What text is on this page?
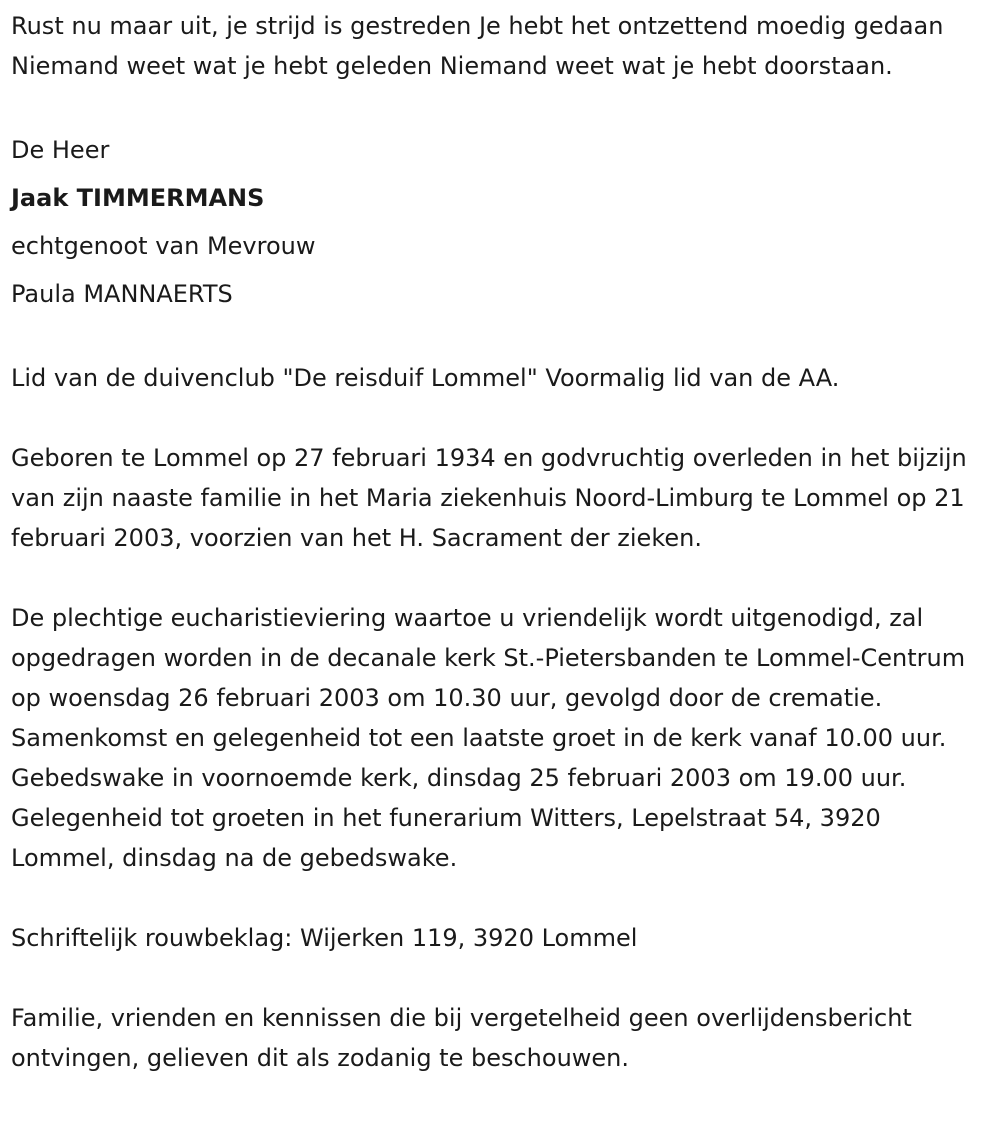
Rust nu maar uit, je strijd is gestreden Je hebt het ontzettend moedig gedaan Niemand weet wat je hebt geleden Niemand weet wat je hebt doorstaan.

De Heer
Jaak TIMMERMANS
echtgenoot van Mevrouw
Paula MANNAERTS

Lid van de duivenclub "De reisduif Lommel" Voormalig lid van de AA.

Geboren te Lommel op 27 februari 1934 en godvruchtig overleden in het bijzijn van zijn naaste familie in het Maria ziekenhuis Noord-Limburg te Lommel op 21 februari 2003, voorzien van het H. Sacrament der zieken.

De plechtige eucharistieviering waartoe u vriendelijk wordt uitgenodigd, zal opgedragen worden in de decanale kerk St.-Pietersbanden te Lommel-Centrum op woensdag 26 februari 2003 om 10.30 uur, gevolgd door de crematie. Samenkomst en gelegenheid tot een laatste groet in de kerk vanaf 10.00 uur. Gebedswake in voornoemde kerk, dinsdag 25 februari 2003 om 19.00 uur. Gelegenheid tot groeten in het funerarium Witters, Lepelstraat 54, 3920 Lommel, dinsdag na de gebedswake.

Schriftelijk rouwbeklag: Wijerken 119, 3920 Lommel

Familie, vrienden en kennissen die bij vergetelheid geen overlijdensbericht ontvingen, gelieven dit als zodanig te beschouwen.
